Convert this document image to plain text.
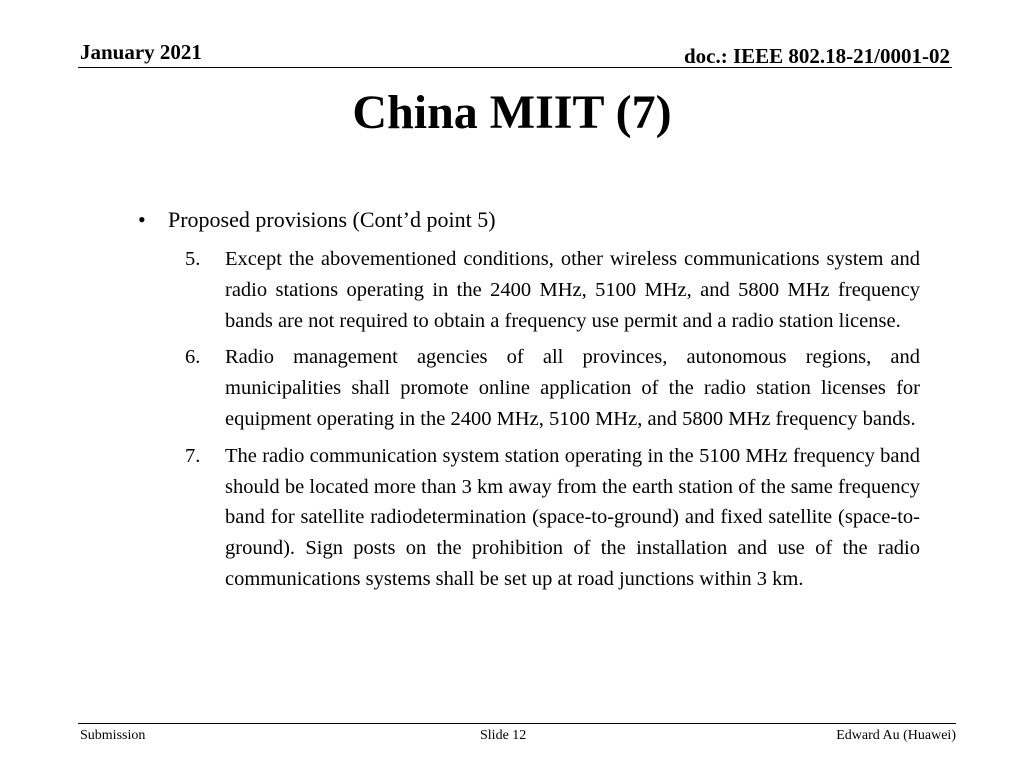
January 2021	doc.: IEEE 802.18-21/0001-02
China MIIT (7)
• Proposed provisions (Cont’d point 5)
5. Except the abovementioned conditions, other wireless communications system and radio stations operating in the 2400 MHz, 5100 MHz, and 5800 MHz frequency bands are not required to obtain a frequency use permit and a radio station license.
6. Radio management agencies of all provinces, autonomous regions, and municipalities shall promote online application of the radio station licenses for equipment operating in the 2400 MHz, 5100 MHz, and 5800 MHz frequency bands.
7. The radio communication system station operating in the 5100 MHz frequency band should be located more than 3 km away from the earth station of the same frequency band for satellite radiodetermination (space-to-ground) and fixed satellite (space-to-ground). Sign posts on the prohibition of the installation and use of the radio communications systems shall be set up at road junctions within 3 km.
Submission	Slide 12	Edward Au (Huawei)
